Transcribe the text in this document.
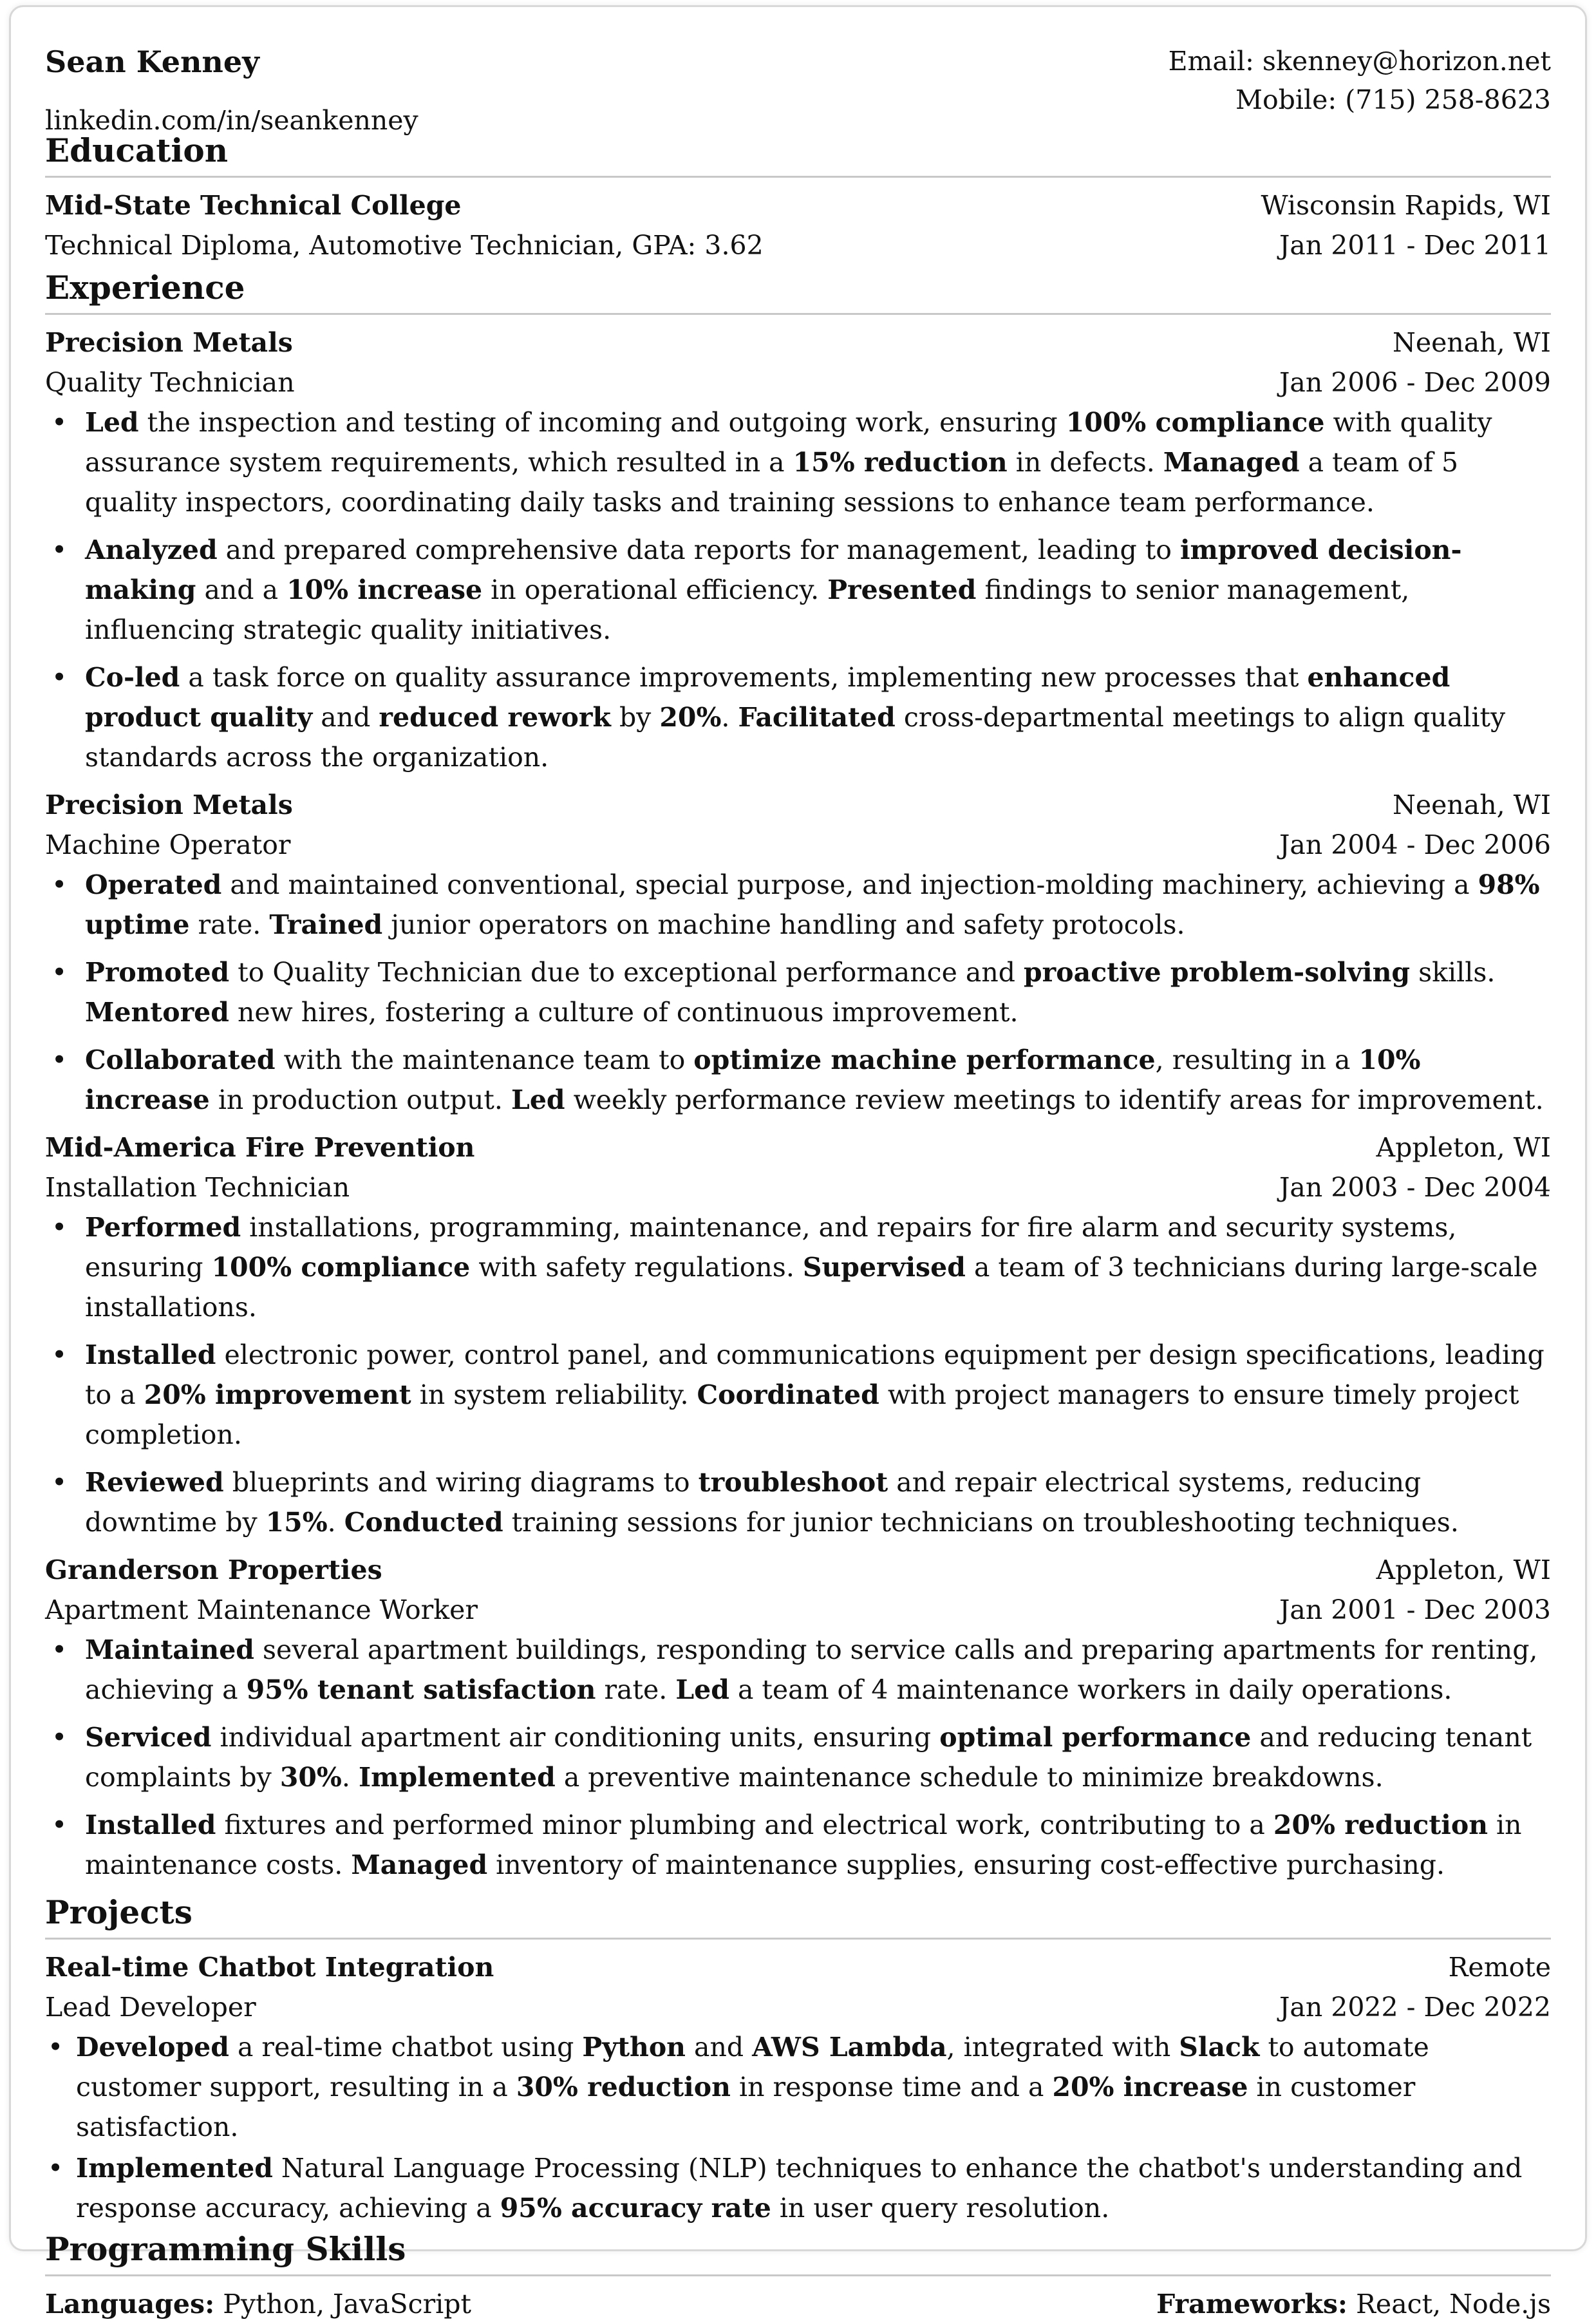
Sean Kenney
linkedin.com/in/seankenney
Email: skenney@horizon.net
Mobile: (715) 258-8623
Education
Mid-State Technical College	Wisconsin Rapids, WI
Technical Diploma, Automotive Technician, GPA: 3.62	Jan 2011 - Dec 2011
Experience
Precision Metals	Neenah, WI
Quality Technician	Jan 2006 - Dec 2009
• Led the inspection and testing of incoming and outgoing work, ensuring 100% compliance with quality assurance system requirements, which resulted in a 15% reduction in defects. Managed a team of 5 quality inspectors, coordinating daily tasks and training sessions to enhance team performance.
• Analyzed and prepared comprehensive data reports for management, leading to improved decision-making and a 10% increase in operational efficiency. Presented findings to senior management, influencing strategic quality initiatives.
• Co-led a task force on quality assurance improvements, implementing new processes that enhanced product quality and reduced rework by 20%. Facilitated cross-departmental meetings to align quality standards across the organization.
Precision Metals	Neenah, WI
Machine Operator	Jan 2004 - Dec 2006
• Operated and maintained conventional, special purpose, and injection-molding machinery, achieving a 98% uptime rate. Trained junior operators on machine handling and safety protocols.
• Promoted to Quality Technician due to exceptional performance and proactive problem-solving skills. Mentored new hires, fostering a culture of continuous improvement.
• Collaborated with the maintenance team to optimize machine performance, resulting in a 10% increase in production output. Led weekly performance review meetings to identify areas for improvement.
Mid-America Fire Prevention	Appleton, WI
Installation Technician	Jan 2003 - Dec 2004
• Performed installations, programming, maintenance, and repairs for fire alarm and security systems, ensuring 100% compliance with safety regulations. Supervised a team of 3 technicians during large-scale installations.
• Installed electronic power, control panel, and communications equipment per design specifications, leading to a 20% improvement in system reliability. Coordinated with project managers to ensure timely project completion.
• Reviewed blueprints and wiring diagrams to troubleshoot and repair electrical systems, reducing downtime by 15%. Conducted training sessions for junior technicians on troubleshooting techniques.
Granderson Properties	Appleton, WI
Apartment Maintenance Worker	Jan 2001 - Dec 2003
• Maintained several apartment buildings, responding to service calls and preparing apartments for renting, achieving a 95% tenant satisfaction rate. Led a team of 4 maintenance workers in daily operations.
• Serviced individual apartment air conditioning units, ensuring optimal performance and reducing tenant complaints by 30%. Implemented a preventive maintenance schedule to minimize breakdowns.
• Installed fixtures and performed minor plumbing and electrical work, contributing to a 20% reduction in maintenance costs. Managed inventory of maintenance supplies, ensuring cost-effective purchasing.
Projects
Real-time Chatbot Integration	Remote
Lead Developer	Jan 2022 - Dec 2022
• Developed a real-time chatbot using Python and AWS Lambda, integrated with Slack to automate customer support, resulting in a 30% reduction in response time and a 20% increase in customer satisfaction.
• Implemented Natural Language Processing (NLP) techniques to enhance the chatbot's understanding and response accuracy, achieving a 95% accuracy rate in user query resolution.
Programming Skills
Languages: Python, JavaScript	Frameworks: React, Node.js
